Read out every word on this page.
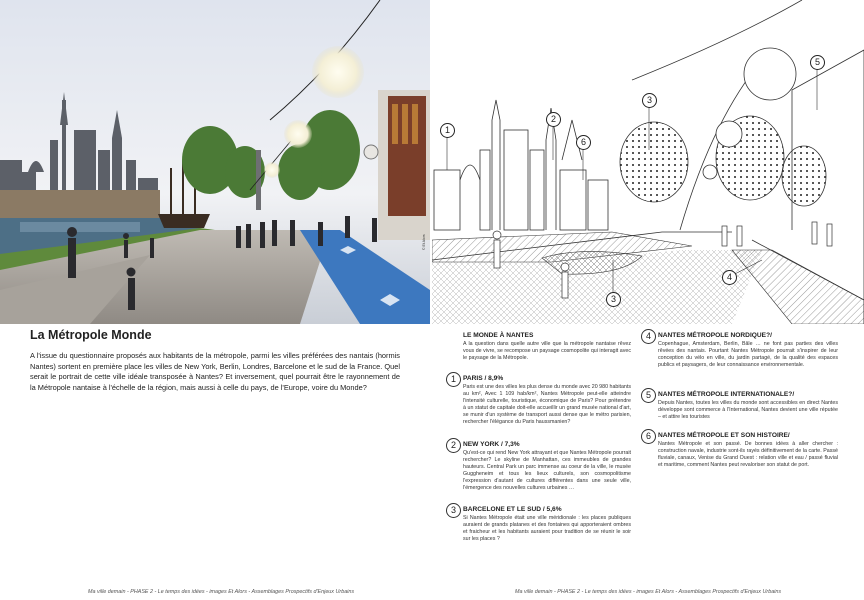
© Et Alors
1
2
3
3
4
5
6
La Métropole Monde

A l'issue du questionnaire proposés aux habitants de la métropole, parmi les villes préférées des nantais (hormis Nantes) sortent en première place les villes de New York, Berlin, Londres, Barcelone et le sud de la France. Quel serait le portrait de cette ville idéale transposée à Nantes? Et inversement, quel pourrait être le rayonnement de la Métropole nantaise à l'échelle de la région, mais aussi à celle du pays, de l'Europe, voire du Monde?

LE MONDE À NANTES

A la question dans quelle autre ville que la métropole nantaise rêvez vous de vivre, se recompose un paysage cosmopolite qui interagit avec le paysage de la Métropole.

1	PARIS / 8,9%

Paris est une des villes les plus dense du monde avec 20 980 habitants au km², Avec 1 109 hab/km², Nantes Métropole peut-elle atteindre l'intensité culturelle, touristique, économique de Paris? Pour prétendre à un statut de capitale doit-elle accueillir un grand musée national d'art, se munir d'un système de transport aussi dense que le métro parisien, rechercher l'élégance du Paris haussmanien?

2	NEW YORK / 7,3%

Qu'est-ce qui rend New York attrayant et que Nantes Métropole pourrait rechercher? Le skyline de Manhattan, ces immeubles de grandes hauteurs. Central Park un parc immense au coeur de la ville, le musée Guggheneim et tous les lieux culturels, son cosmopolitisme l'expression d'autant de cultures différentes dans une seule ville, l'émergence des nouvelles cultures urbaines …

3	BARCELONE ET LE SUD / 5,6%

Si Nantes Métropole était une ville méridionale : les places publiques auraient de grands platanes et des fontaines qui apporteraient ombres et fraicheur et les habitants auraient pour tradition de se réunir le soir sur les places ?

4	NANTES MÉTROPOLE NORDIQUE?/

Copenhague, Amsterdam, Berlin, Bâle … ne font pas parties des villes rêvées des nantais. Pourtant Nantes Métropole pourrait s'inspirer de leur conception du vélo en ville, du jardin partagé, de la qualité des espaces publics et paysagers, de leur connaissance environnementale.

5	NANTES MÉTROPOLE INTERNATIONALE?/

Depuis Nantes, toutes les villes du monde sont accessibles en direct Nantes développe sont commerce à l'International, Nantes devient une ville réputée – et attire les touristes

6	NANTES MÉTROPOLE ET SON HISTOIRE/

Nantes Métropole et son passé. De bonnes idées à aller chercher : construction navale, industrie sont-ils rayés définitivement de la carte. Passé fluviale, canaux, Venise du Grand Ouest : relation ville et eau / passé fluvial et maritime, comment Nantes peut revaloriser son statut de port.

Ma ville demain - PHASE 2 - Le temps des idées - images Et Alors - Assemblages Prospectifs d'Enjeux Urbains	Ma ville demain - PHASE 2 - Le temps des idées - images Et Alors - Assemblages Prospectifs d'Enjeux Urbains
